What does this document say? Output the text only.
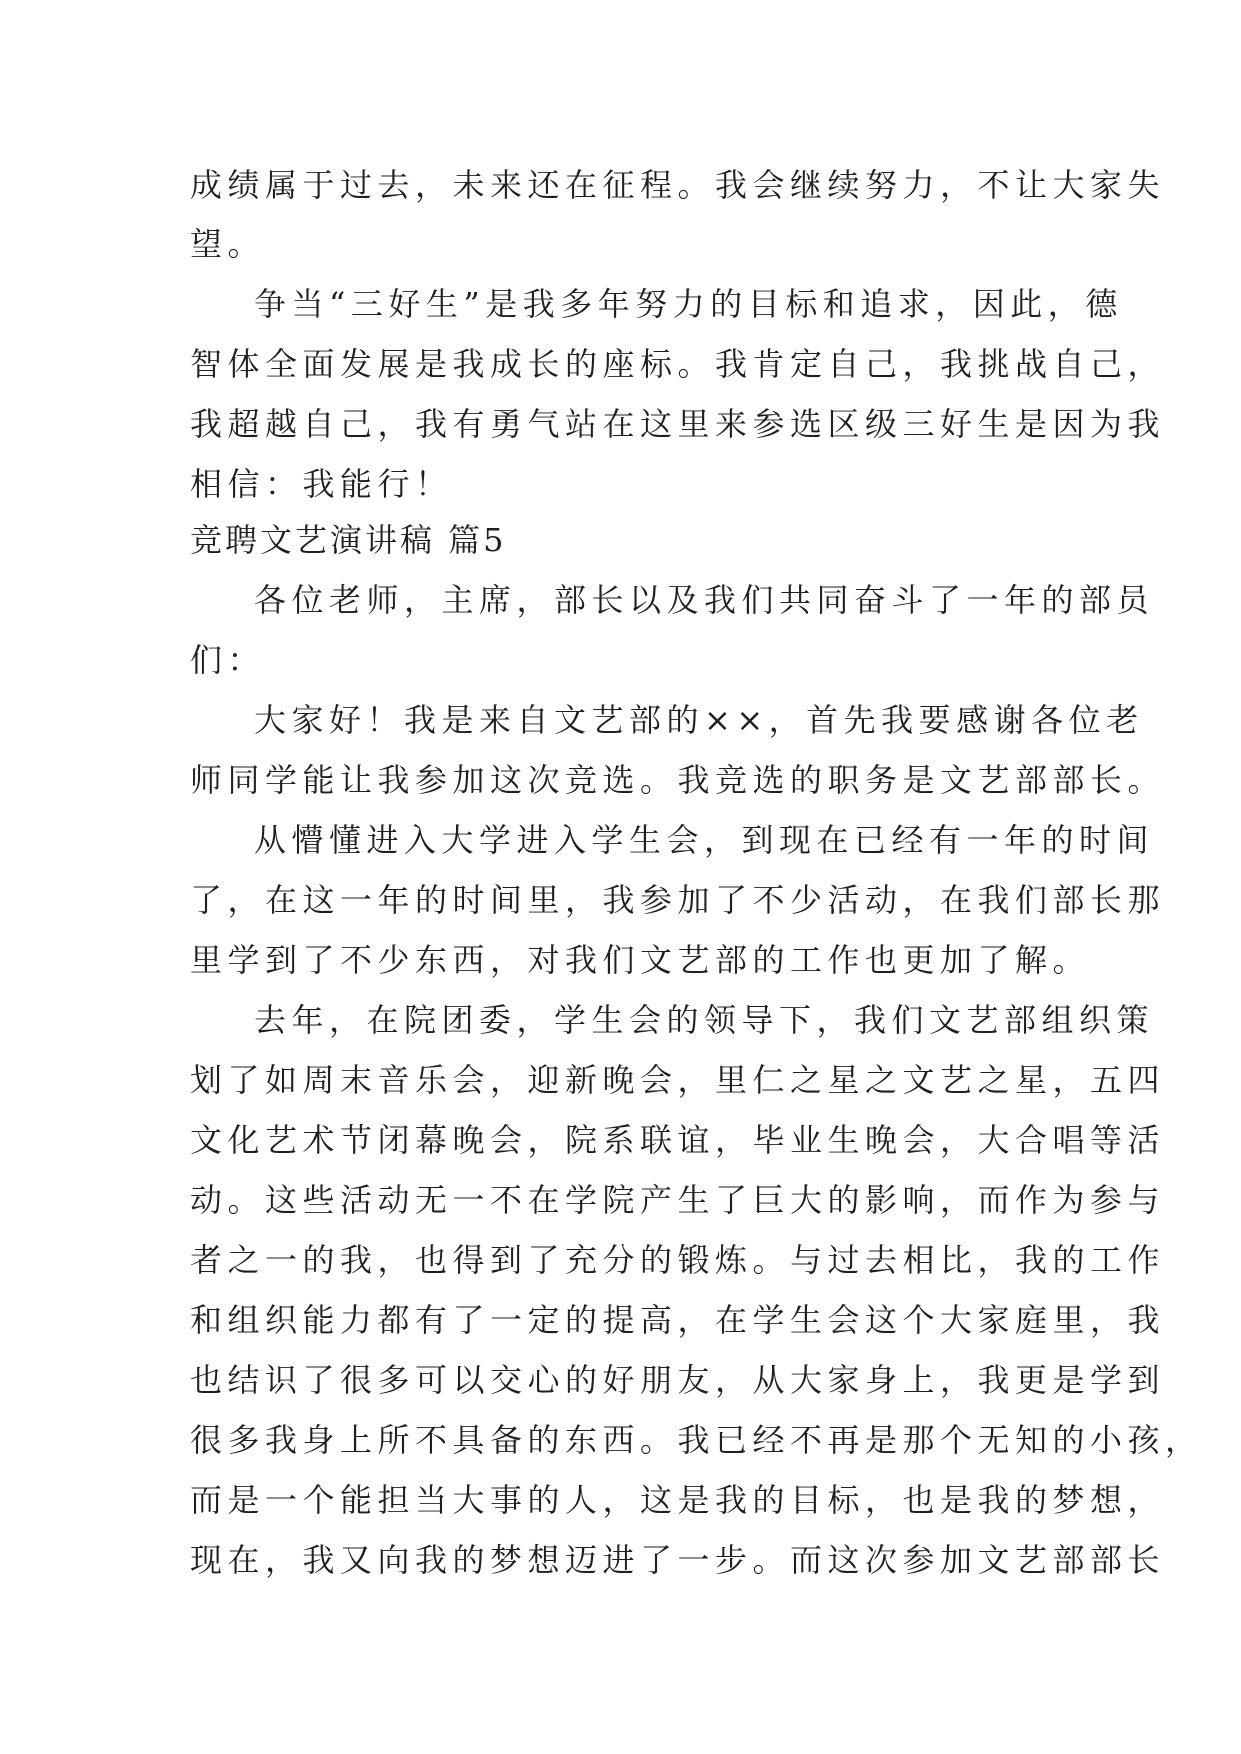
成绩属于过去，未来还在征程。我会继续努力，不让大家失
望。
争当“三好生”是我多年努力的目标和追求，因此，德
智体全面发展是我成长的座标。我肯定自己，我挑战自己，
我超越自己，我有勇气站在这里来参选区级三好生是因为我
相信：我能行！
竞聘文艺演讲稿 篇5
各位老师，主席，部长以及我们共同奋斗了一年的部员
们：
大家好！我是来自文艺部的××，首先我要感谢各位老
师同学能让我参加这次竞选。我竞选的职务是文艺部部长。
从懵懂进入大学进入学生会，到现在已经有一年的时间
了，在这一年的时间里，我参加了不少活动，在我们部长那
里学到了不少东西，对我们文艺部的工作也更加了解。
去年，在院团委，学生会的领导下，我们文艺部组织策
划了如周末音乐会，迎新晚会，里仁之星之文艺之星，五四
文化艺术节闭幕晚会，院系联谊，毕业生晚会，大合唱等活
动。这些活动无一不在学院产生了巨大的影响，而作为参与
者之一的我，也得到了充分的锻炼。与过去相比，我的工作
和组织能力都有了一定的提高，在学生会这个大家庭里，我
也结识了很多可以交心的好朋友，从大家身上，我更是学到
很多我身上所不具备的东西。我已经不再是那个无知的小孩，
而是一个能担当大事的人，这是我的目标，也是我的梦想，
现在，我又向我的梦想迈进了一步。而这次参加文艺部部长
